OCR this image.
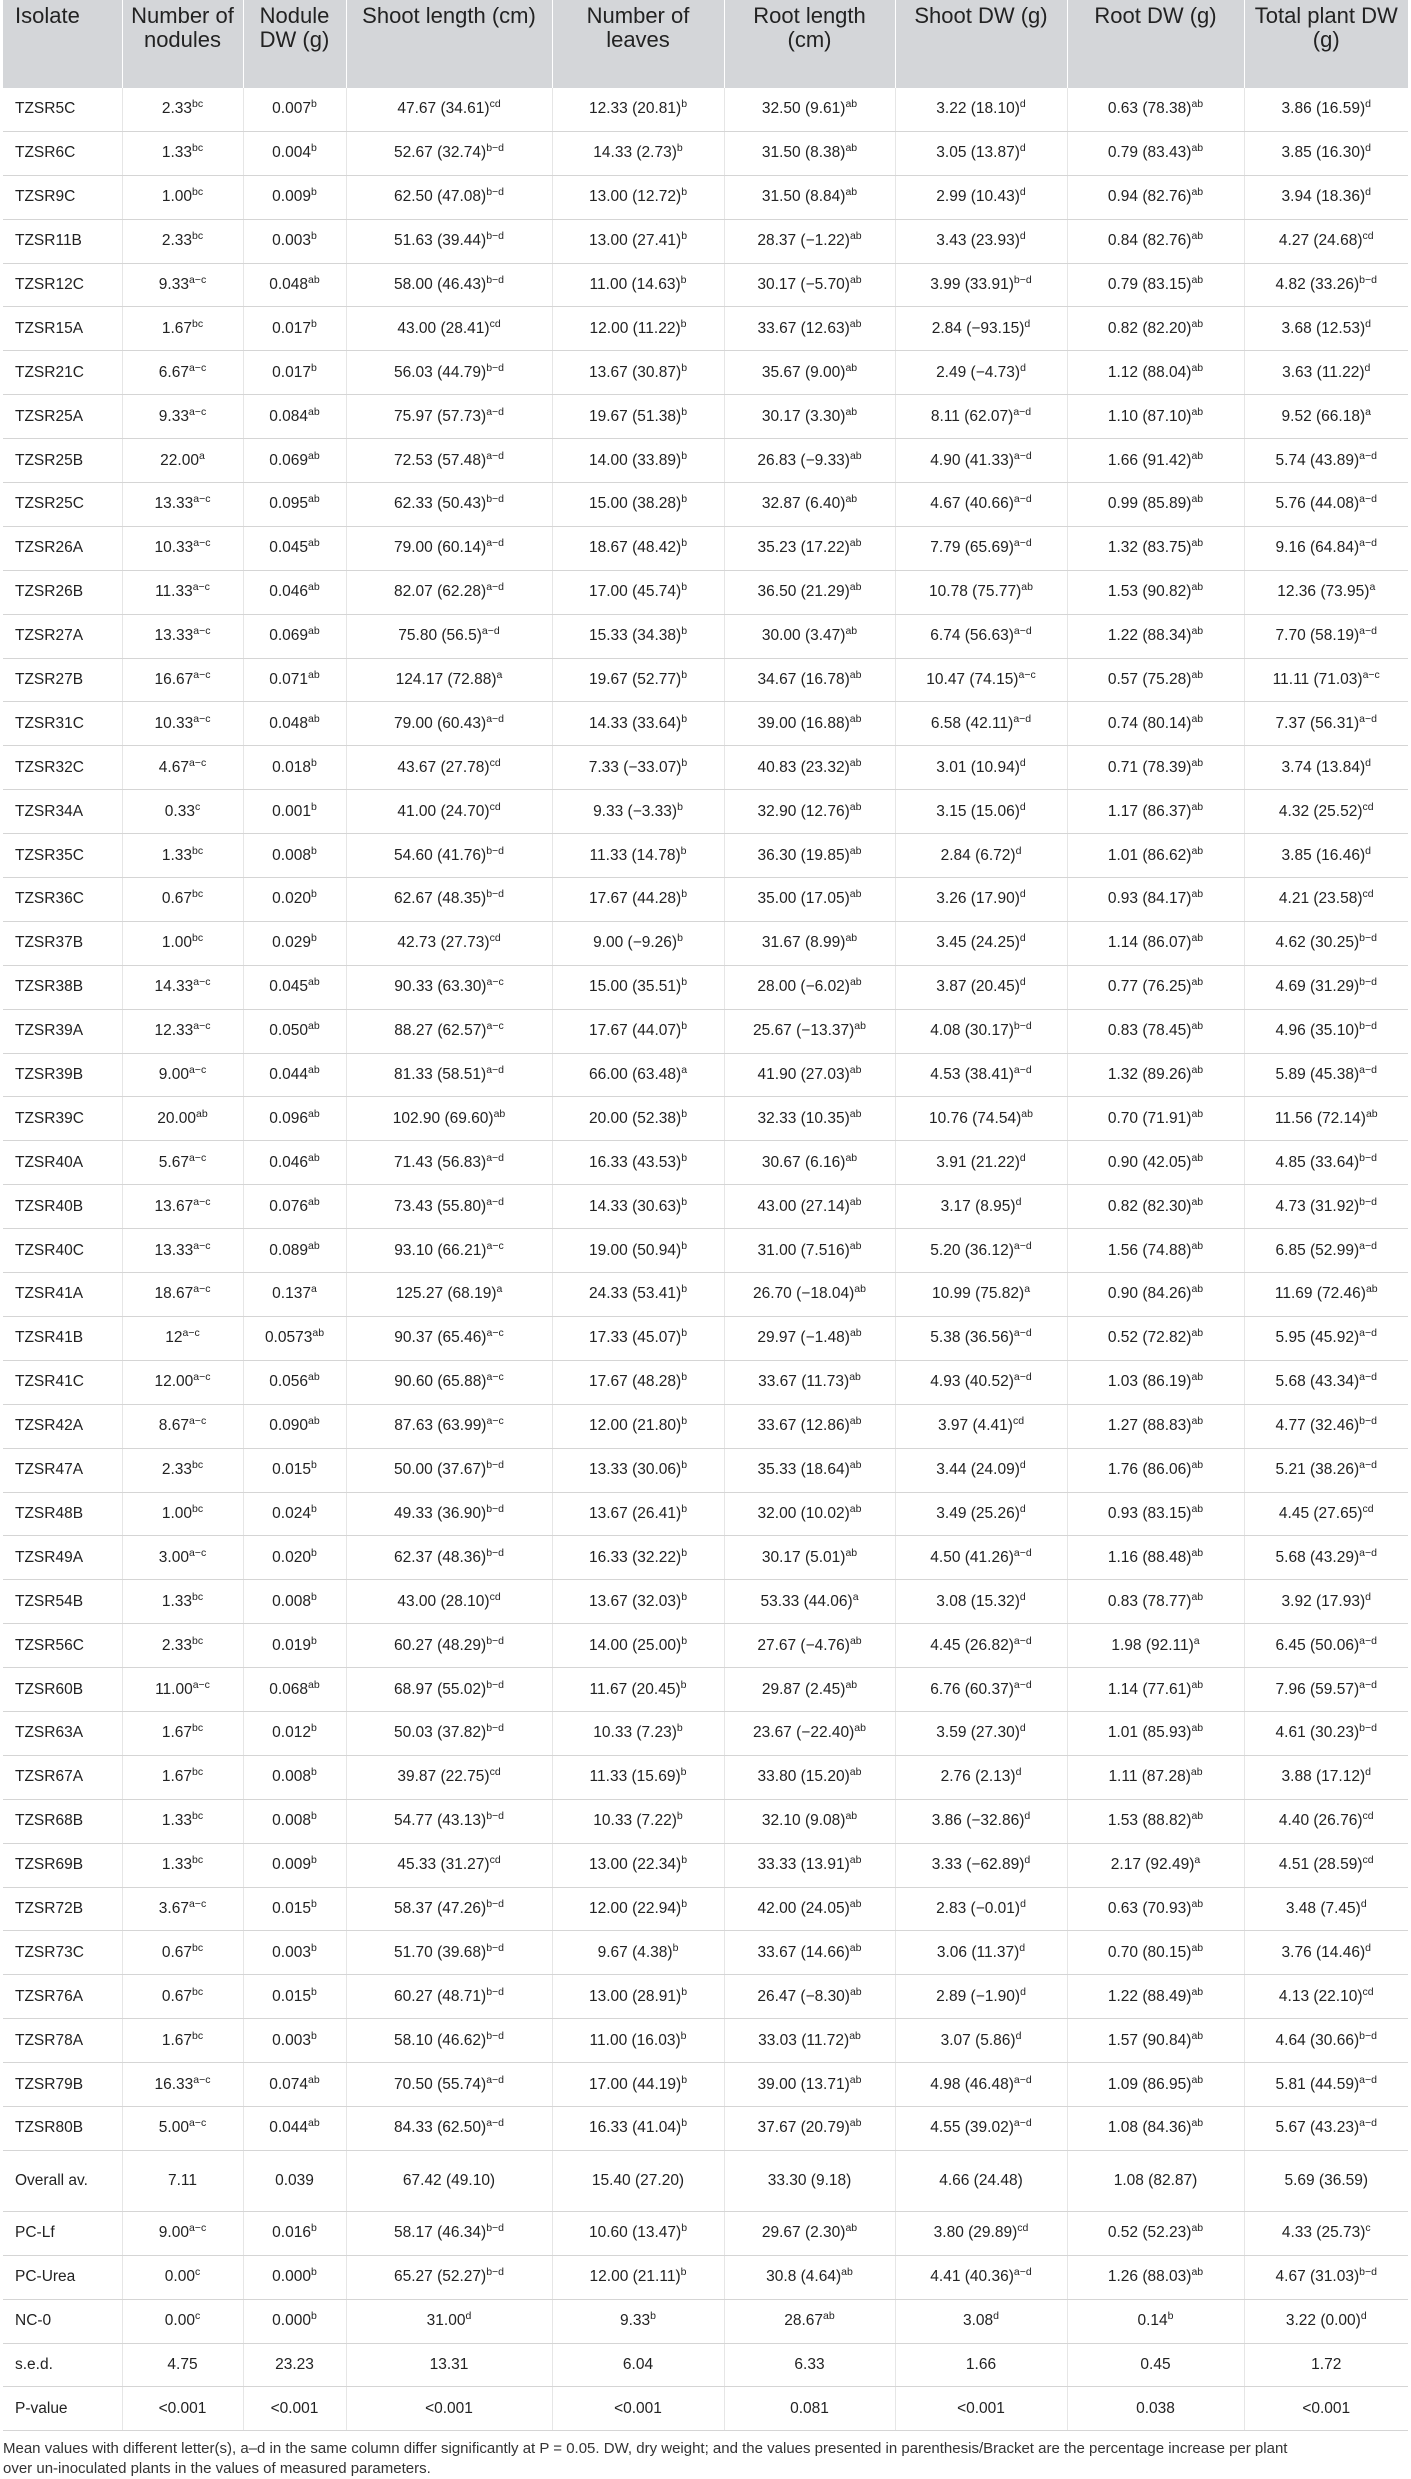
Isolate	Number of nodules	Nodule DW (g)	Shoot length (cm)	Number of leaves	Root length (cm)	Shoot DW (g)	Root DW (g)	Total plant DW (g)
TZSR5C	2.33$^{bc}$	0.007$^b$	47.67 $(34.61)^{cd}$	12.33 $(20.81)^b$	32.50 $(9.61)^{ab}$	3.22 $(18.10)^d$	0.63 $(78.38)^{ab}$	3.86 $(16.59)^d$
TZSR6C	1.33$^{bc}$	0.004$^b$	52.67 $(32.74)^{b-d}$	14.33 $(2.73)^b$	31.50 $(8.38)^{ab}$	3.05 $(13.87)^d$	0.79 $(83.43)^{ab}$	3.85 $(16.30)^d$
TZSR9C	1.00$^{bc}$	0.009$^b$	62.50 $(47.08)^{b-d}$	13.00 $(12.72)^b$	31.50 $(8.84)^{ab}$	2.99 $(10.43)^d$	0.94 $(82.76)^{ab}$	3.94 $(18.36)^d$
TZSR11B	2.33$^{bc}$	0.003$^b$	51.63 $(39.44)^{b-d}$	13.00 $(27.41)^b$	28.37 $(-1.22)^{ab}$	3.43 $(23.93)^d$	0.84 $(82.76)^{ab}$	4.27 $(24.68)^{cd}$
TZSR12C	$9.33^{a-c}$	0.048$^{ab}$	58.00 $(46.43)^{b-d}$	11.00 $(14.63)^b$	30.17 $(-5.70)^{ab}$	3.99 $(33.91)^{b-d}$	0.79 $(83.15)^{ab}$	4.82 $(33.26)^{b-d}$
TZSR15A	1.67$^{bc}$	0.017$^b$	43.00 $(28.41)^{cd}$	12.00 $(11.22)^b$	33.67 $(12.63)^{ab}$	2.84 $(-93.15)^d$	0.82 $(82.20)^{ab}$	3.68 $(12.53)^d$
TZSR21C	$6.67^{a-c}$	0.017$^b$	56.03 $(44.79)^{b-d}$	13.67 $(30.87)^b$	35.67 $(9.00)^{ab}$	2.49 $(-4.73)^d$	1.12 $(88.04)^{ab}$	3.63 $(11.22)^d$
TZSR25A	$9.33^{a-c}$	0.084$^{ab}$	75.97 $(57.73)^{a-d}$	19.67 $(51.38)^b$	30.17 $(3.30)^{ab}$	8.11 $(62.07)^{a-d}$	1.10 $(87.10)^{ab}$	9.52 $(66.18)^a$
TZSR25B	22.00$^a$	0.069$^{ab}$	72.53 $(57.48)^{a-d}$	14.00 $(33.89)^b$	26.83 $(-9.33)^{ab}$	4.90 $(41.33)^{a-d}$	1.66 $(91.42)^{ab}$	5.74 $(43.89)^{a-d}$
TZSR25C	$13.33^{a-c}$	0.095$^{ab}$	62.33 $(50.43)^{b-d}$	15.00 $(38.28)^b$	32.87 $(6.40)^{ab}$	4.67 $(40.66)^{a-d}$	0.99 $(85.89)^{ab}$	5.76 $(44.08)^{a-d}$
TZSR26A	$10.33^{a-c}$	0.045$^{ab}$	79.00 $(60.14)^{a-d}$	18.67 $(48.42)^b$	35.23 $(17.22)^{ab}$	7.79 $(65.69)^{a-d}$	1.32 $(83.75)^{ab}$	9.16 $(64.84)^{a-d}$
TZSR26B	$11.33^{a-c}$	0.046$^{ab}$	82.07 $(62.28)^{a-d}$	17.00 $(45.74)^b$	36.50 $(21.29)^{ab}$	10.78 $(75.77)^{ab}$	1.53 $(90.82)^{ab}$	12.36 $(73.95)^a$
TZSR27A	$13.33^{a-c}$	0.069$^{ab}$	75.80 $(56.5)^{a-d}$	15.33 $(34.38)^b$	30.00 $(3.47)^{ab}$	6.74 $(56.63)^{a-d}$	1.22 $(88.34)^{ab}$	7.70 $(58.19)^{a-d}$
TZSR27B	$16.67^{a-c}$	0.071$^{ab}$	124.17 $(72.88)^a$	19.67 $(52.77)^b$	34.67 $(16.78)^{ab}$	10.47 $(74.15)^{a-c}$	0.57 $(75.28)^{ab}$	11.11 $(71.03)^{a-c}$
TZSR31C	$10.33^{a-c}$	0.048$^{ab}$	79.00 $(60.43)^{a-d}$	14.33 $(33.64)^b$	39.00 $(16.88)^{ab}$	6.58 $(42.11)^{a-d}$	0.74 $(80.14)^{ab}$	7.37 $(56.31)^{a-d}$
TZSR32C	$4.67^{a-c}$	0.018$^b$	43.67 $(27.78)^{cd}$	7.33 $(-33.07)^b$	40.83 $(23.32)^{ab}$	3.01 $(10.94)^d$	0.71 $(78.39)^{ab}$	3.74 $(13.84)^d$
TZSR34A	0.33$^c$	0.001$^b$	41.00 $(24.70)^{cd}$	9.33 $(-3.33)^b$	32.90 $(12.76)^{ab}$	3.15 $(15.06)^d$	1.17 $(86.37)^{ab}$	4.32 $(25.52)^{cd}$
TZSR35C	1.33$^{bc}$	0.008$^b$	54.60 $(41.76)^{b-d}$	11.33 $(14.78)^b$	36.30 $(19.85)^{ab}$	2.84 $(6.72)^d$	1.01 $(86.62)^{ab}$	3.85 $(16.46)^d$
TZSR36C	0.67$^{bc}$	0.020$^b$	62.67 $(48.35)^{b-d}$	17.67 $(44.28)^b$	35.00 $(17.05)^{ab}$	3.26 $(17.90)^d$	0.93 $(84.17)^{ab}$	4.21 $(23.58)^{cd}$
TZSR37B	1.00$^{bc}$	0.029$^b$	42.73 $(27.73)^{cd}$	9.00 $(-9.26)^b$	31.67 $(8.99)^{ab}$	3.45 $(24.25)^d$	1.14 $(86.07)^{ab}$	4.62 $(30.25)^{b-d}$
TZSR38B	$14.33^{a-c}$	0.045$^{ab}$	90.33 $(63.30)^{a-c}$	15.00 $(35.51)^b$	28.00 $(-6.02)^{ab}$	3.87 $(20.45)^d$	0.77 $(76.25)^{ab}$	4.69 $(31.29)^{b-d}$
TZSR39A	$12.33^{a-c}$	0.050$^{ab}$	88.27 $(62.57)^{a-c}$	17.67 $(44.07)^b$	25.67 $(-13.37)^{ab}$	4.08 $(30.17)^{b-d}$	0.83 $(78.45)^{ab}$	4.96 $(35.10)^{b-d}$
TZSR39B	$9.00^{a-c}$	0.044$^{ab}$	81.33 $(58.51)^{a-d}$	66.00 $(63.48)^a$	41.90 $(27.03)^{ab}$	4.53 $(38.41)^{a-d}$	1.32 $(89.26)^{ab}$	5.89 $(45.38)^{a-d}$
TZSR39C	20.00$^{ab}$	0.096$^{ab}$	102.90 $(69.60)^{ab}$	20.00 $(52.38)^b$	32.33 $(10.35)^{ab}$	10.76 $(74.54)^{ab}$	0.70 $(71.91)^{ab}$	11.56 $(72.14)^{ab}$
TZSR40A	$5.67^{a-c}$	0.046$^{ab}$	71.43 $(56.83)^{a-d}$	16.33 $(43.53)^b$	30.67 $(6.16)^{ab}$	3.91 $(21.22)^d$	0.90 $(42.05)^{ab}$	4.85 $(33.64)^{b-d}$
TZSR40B	$13.67^{a-c}$	0.076$^{ab}$	73.43 $(55.80)^{a-d}$	14.33 $(30.63)^b$	43.00 $(27.14)^{ab}$	3.17 $(8.95)^d$	0.82 $(82.30)^{ab}$	4.73 $(31.92)^{b-d}$
TZSR40C	$13.33^{a-c}$	0.089$^{ab}$	93.10 $(66.21)^{a-c}$	19.00 $(50.94)^b$	31.00 $(7.516)^{ab}$	5.20 $(36.12)^{a-d}$	1.56 $(74.88)^{ab}$	6.85 $(52.99)^{a-d}$
TZSR41A	$18.67^{a-c}$	0.137$^a$	125.27 $(68.19)^a$	24.33 $(53.41)^b$	26.70 $(-18.04)^{ab}$	10.99 $(75.82)^a$	0.90 $(84.26)^{ab}$	11.69 $(72.46)^{ab}$
TZSR41B	$12^{a-c}$	0.0573$^{ab}$	90.37 $(65.46)^{a-c}$	17.33 $(45.07)^b$	29.97 $(-1.48)^{ab}$	5.38 $(36.56)^{a-d}$	0.52 $(72.82)^{ab}$	5.95 $(45.92)^{a-d}$
TZSR41C	$12.00^{a-c}$	0.056$^{ab}$	90.60 $(65.88)^{a-c}$	17.67 $(48.28)^b$	33.67 $(11.73)^{ab}$	4.93 $(40.52)^{a-d}$	1.03 $(86.19)^{ab}$	5.68 $(43.34)^{a-d}$
TZSR42A	$8.67^{a-c}$	0.090$^{ab}$	87.63 $(63.99)^{a-c}$	12.00 $(21.80)^b$	33.67 $(12.86)^{ab}$	3.97 $(4.41)^{cd}$	1.27 $(88.83)^{ab}$	4.77 $(32.46)^{b-d}$
TZSR47A	2.33$^{bc}$	0.015$^b$	50.00 $(37.67)^{b-d}$	13.33 $(30.06)^b$	35.33 $(18.64)^{ab}$	3.44 $(24.09)^d$	1.76 $(86.06)^{ab}$	5.21 $(38.26)^{a-d}$
TZSR48B	1.00$^{bc}$	0.024$^b$	49.33 $(36.90)^{b-d}$	13.67 $(26.41)^b$	32.00 $(10.02)^{ab}$	3.49 $(25.26)^d$	0.93 $(83.15)^{ab}$	4.45 $(27.65)^{cd}$
TZSR49A	$3.00^{a-c}$	0.020$^b$	62.37 $(48.36)^{b-d}$	16.33 $(32.22)^b$	30.17 $(5.01)^{ab}$	4.50 $(41.26)^{a-d}$	1.16 $(88.48)^{ab}$	5.68 $(43.29)^{a-d}$
TZSR54B	1.33$^{bc}$	0.008$^b$	43.00 $(28.10)^{cd}$	13.67 $(32.03)^b$	53.33 $(44.06)^a$	3.08 $(15.32)^d$	0.83 $(78.77)^{ab}$	3.92 $(17.93)^d$
TZSR56C	2.33$^{bc}$	0.019$^b$	60.27 $(48.29)^{b-d}$	14.00 $(25.00)^b$	27.67 $(-4.76)^{ab}$	4.45 $(26.82)^{a-d}$	1.98 $(92.11)^a$	6.45 $(50.06)^{a-d}$
TZSR60B	$11.00^{a-c}$	0.068$^{ab}$	68.97 $(55.02)^{b-d}$	11.67 $(20.45)^b$	29.87 $(2.45)^{ab}$	6.76 $(60.37)^{a-d}$	1.14 $(77.61)^{ab}$	7.96 $(59.57)^{a-d}$
TZSR63A	1.67$^{bc}$	0.012$^b$	50.03 $(37.82)^{b-d}$	10.33 $(7.23)^b$	23.67 $(-22.40)^{ab}$	3.59 $(27.30)^d$	1.01 $(85.93)^{ab}$	4.61 $(30.23)^{b-d}$
TZSR67A	1.67$^{bc}$	0.008$^b$	39.87 $(22.75)^{cd}$	11.33 $(15.69)^b$	33.80 $(15.20)^{ab}$	2.76 $(2.13)^d$	1.11 $(87.28)^{ab}$	3.88 $(17.12)^d$
TZSR68B	1.33$^{bc}$	0.008$^b$	54.77 $(43.13)^{b-d}$	10.33 $(7.22)^b$	32.10 $(9.08)^{ab}$	3.86 $(-32.86)^d$	1.53 $(88.82)^{ab}$	4.40 $(26.76)^{cd}$
TZSR69B	1.33$^{bc}$	0.009$^b$	45.33 $(31.27)^{cd}$	13.00 $(22.34)^b$	33.33 $(13.91)^{ab}$	3.33 $(-62.89)^d$	2.17 $(92.49)^a$	4.51 $(28.59)^{cd}$
TZSR72B	$3.67^{a-c}$	0.015$^b$	58.37 $(47.26)^{b-d}$	12.00 $(22.94)^b$	42.00 $(24.05)^{ab}$	2.83 $(-0.01)^d$	0.63 $(70.93)^{ab}$	3.48 $(7.45)^d$
TZSR73C	0.67$^{bc}$	0.003$^b$	51.70 $(39.68)^{b-d}$	9.67 $(4.38)^b$	33.67 $(14.66)^{ab}$	3.06 $(11.37)^d$	0.70 $(80.15)^{ab}$	3.76 $(14.46)^d$
TZSR76A	0.67$^{bc}$	0.015$^b$	60.27 $(48.71)^{b-d}$	13.00 $(28.91)^b$	26.47 $(-8.30)^{ab}$	2.89 $(-1.90)^d$	1.22 $(88.49)^{ab}$	4.13 $(22.10)^{cd}$
TZSR78A	1.67$^{bc}$	0.003$^b$	58.10 $(46.62)^{b-d}$	11.00 $(16.03)^b$	33.03 $(11.72)^{ab}$	3.07 $(5.86)^d$	1.57 $(90.84)^{ab}$	4.64 $(30.66)^{b-d}$
TZSR79B	$16.33^{a-c}$	0.074$^{ab}$	70.50 $(55.74)^{a-d}$	17.00 $(44.19)^b$	39.00 $(13.71)^{ab}$	4.98 $(46.48)^{a-d}$	1.09 $(86.95)^{ab}$	5.81 $(44.59)^{a-d}$
TZSR80B	$5.00^{a-c}$	0.044$^{ab}$	84.33 $(62.50)^{a-d}$	16.33 $(41.04)^b$	37.67 $(20.79)^{ab}$	4.55 $(39.02)^{a-d}$	1.08 $(84.36)^{ab}$	5.67 $(43.23)^{a-d}$
Overall av.	7.11	0.039	67.42 (49.10)	15.40 (27.20)	33.30 (9.18)	4.66 (24.48)	1.08 (82.87)	5.69 (36.59)
PC-Lf	$9.00^{a-c}$	0.016$^b$	58.17 $(46.34)^{b-d}$	10.60 $(13.47)^b$	29.67 $(2.30)^{ab}$	3.80 $(29.89)^{cd}$	0.52 $(52.23)^{ab}$	4.33 $(25.73)^c$
PC-Urea	0.00$^c$	0.000$^b$	65.27 $(52.27)^{b-d}$	12.00 $(21.11)^b$	30.8 $(4.64)^{ab}$	4.41 $(40.36)^{a-d}$	1.26 $(88.03)^{ab}$	4.67 $(31.03)^{b-d}$
NC-0	0.00$^c$	0.000$^b$	31.00$^d$	9.33$^b$	28.67$^{ab}$	3.08$^d$	0.14$^b$	3.22 $(0.00)^d$
s.e.d.	4.75	23.23	13.31	6.04	6.33	1.66	0.45	1.72
P-value	<0.001	<0.001	<0.001	<0.001	0.081	<0.001	0.038	<0.001

Mean values with different letter(s), a–d in the same column differ significantly at P = 0.05. DW, dry weight; and the values presented in parenthesis/Bracket are the percentage increase per plant
over un-inoculated plants in the values of measured parameters.
